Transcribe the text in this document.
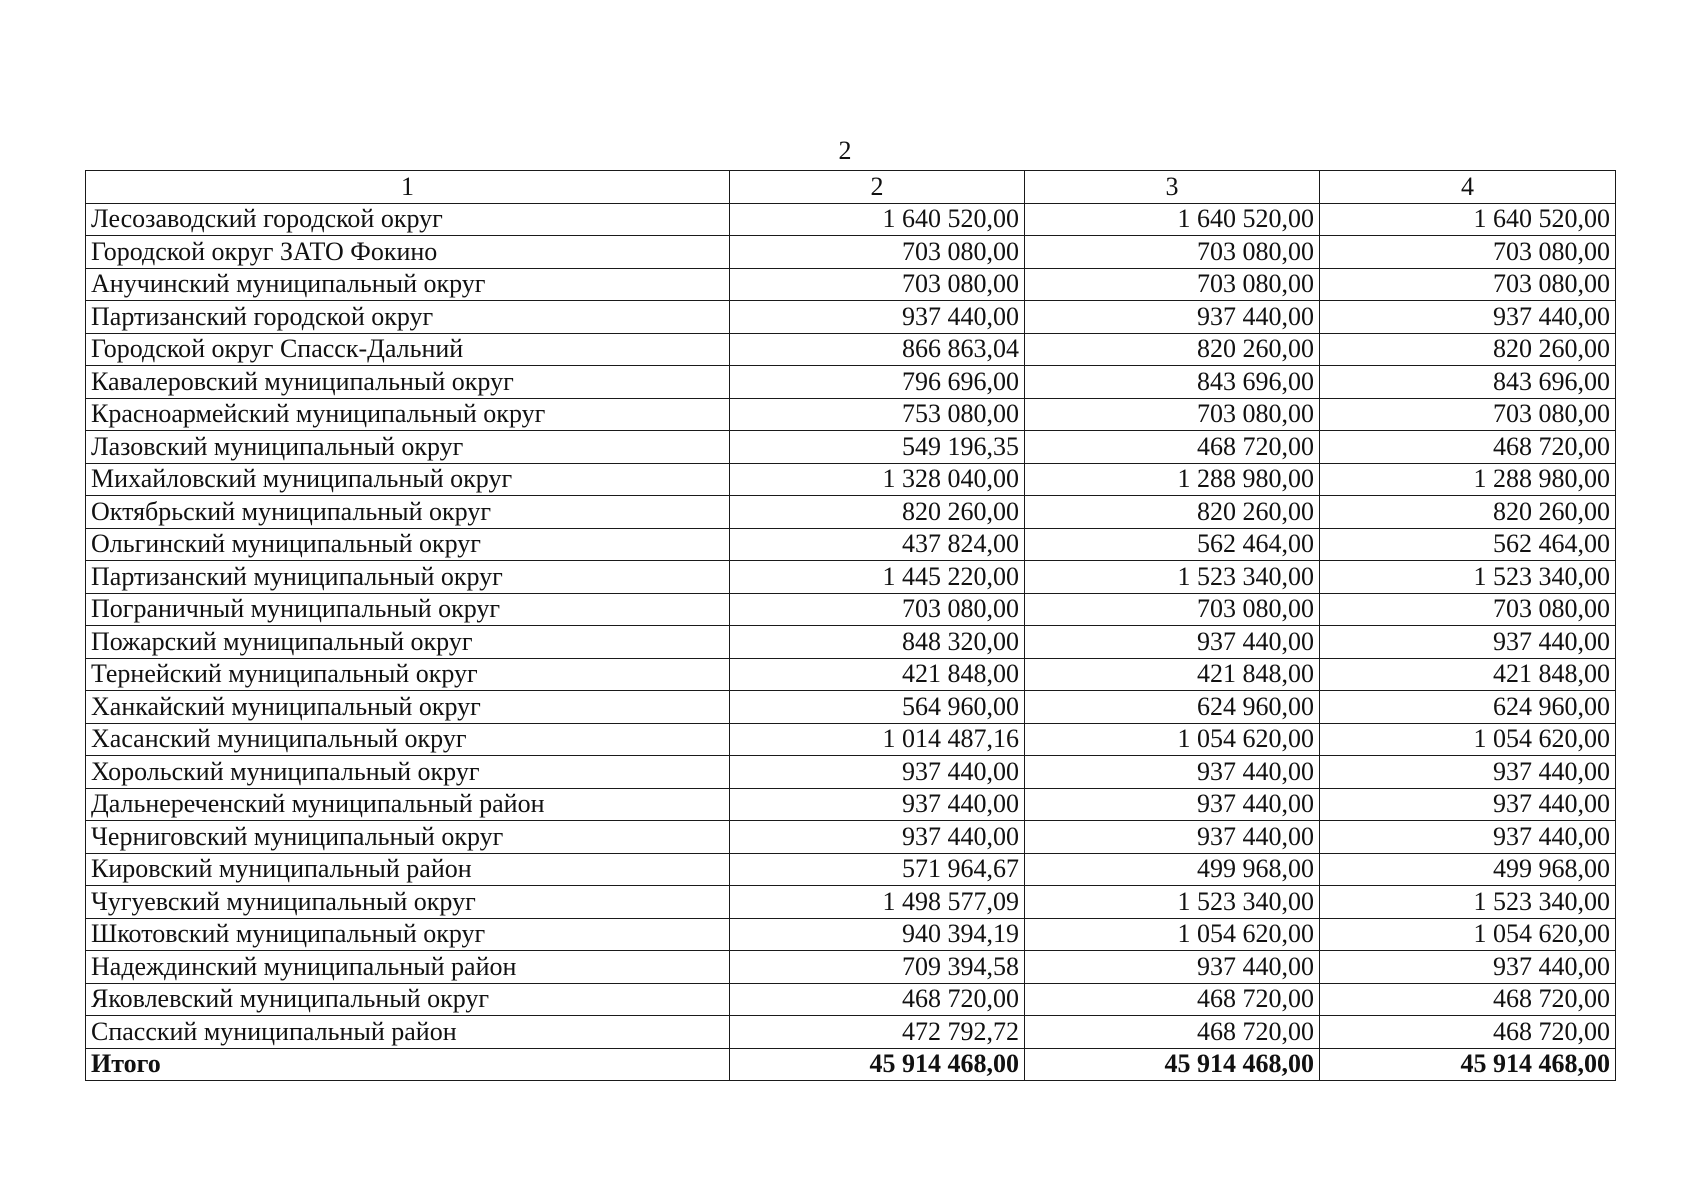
2
1	2	3	4
Лесозаводский городской округ	1 640 520,00	1 640 520,00	1 640 520,00
Городской округ ЗАТО Фокино	703 080,00	703 080,00	703 080,00
Анучинский муниципальный округ	703 080,00	703 080,00	703 080,00
Партизанский городской округ	937 440,00	937 440,00	937 440,00
Городской округ Спасск-Дальний	866 863,04	820 260,00	820 260,00
Кавалеровский муниципальный округ	796 696,00	843 696,00	843 696,00
Красноармейский муниципальный округ	753 080,00	703 080,00	703 080,00
Лазовский муниципальный округ	549 196,35	468 720,00	468 720,00
Михайловский муниципальный округ	1 328 040,00	1 288 980,00	1 288 980,00
Октябрьский муниципальный округ	820 260,00	820 260,00	820 260,00
Ольгинский муниципальный округ	437 824,00	562 464,00	562 464,00
Партизанский муниципальный округ	1 445 220,00	1 523 340,00	1 523 340,00
Пограничный муниципальный округ	703 080,00	703 080,00	703 080,00
Пожарский муниципальный округ	848 320,00	937 440,00	937 440,00
Тернейский муниципальный округ	421 848,00	421 848,00	421 848,00
Ханкайский муниципальный округ	564 960,00	624 960,00	624 960,00
Хасанский муниципальный округ	1 014 487,16	1 054 620,00	1 054 620,00
Хорольский муниципальный округ	937 440,00	937 440,00	937 440,00
Дальнереченский муниципальный район	937 440,00	937 440,00	937 440,00
Черниговский муниципальный округ	937 440,00	937 440,00	937 440,00
Кировский муниципальный район	571 964,67	499 968,00	499 968,00
Чугуевский муниципальный округ	1 498 577,09	1 523 340,00	1 523 340,00
Шкотовский муниципальный округ	940 394,19	1 054 620,00	1 054 620,00
Надеждинский муниципальный район	709 394,58	937 440,00	937 440,00
Яковлевский муниципальный округ	468 720,00	468 720,00	468 720,00
Спасский муниципальный район	472 792,72	468 720,00	468 720,00
Итого	45 914 468,00	45 914 468,00	45 914 468,00
